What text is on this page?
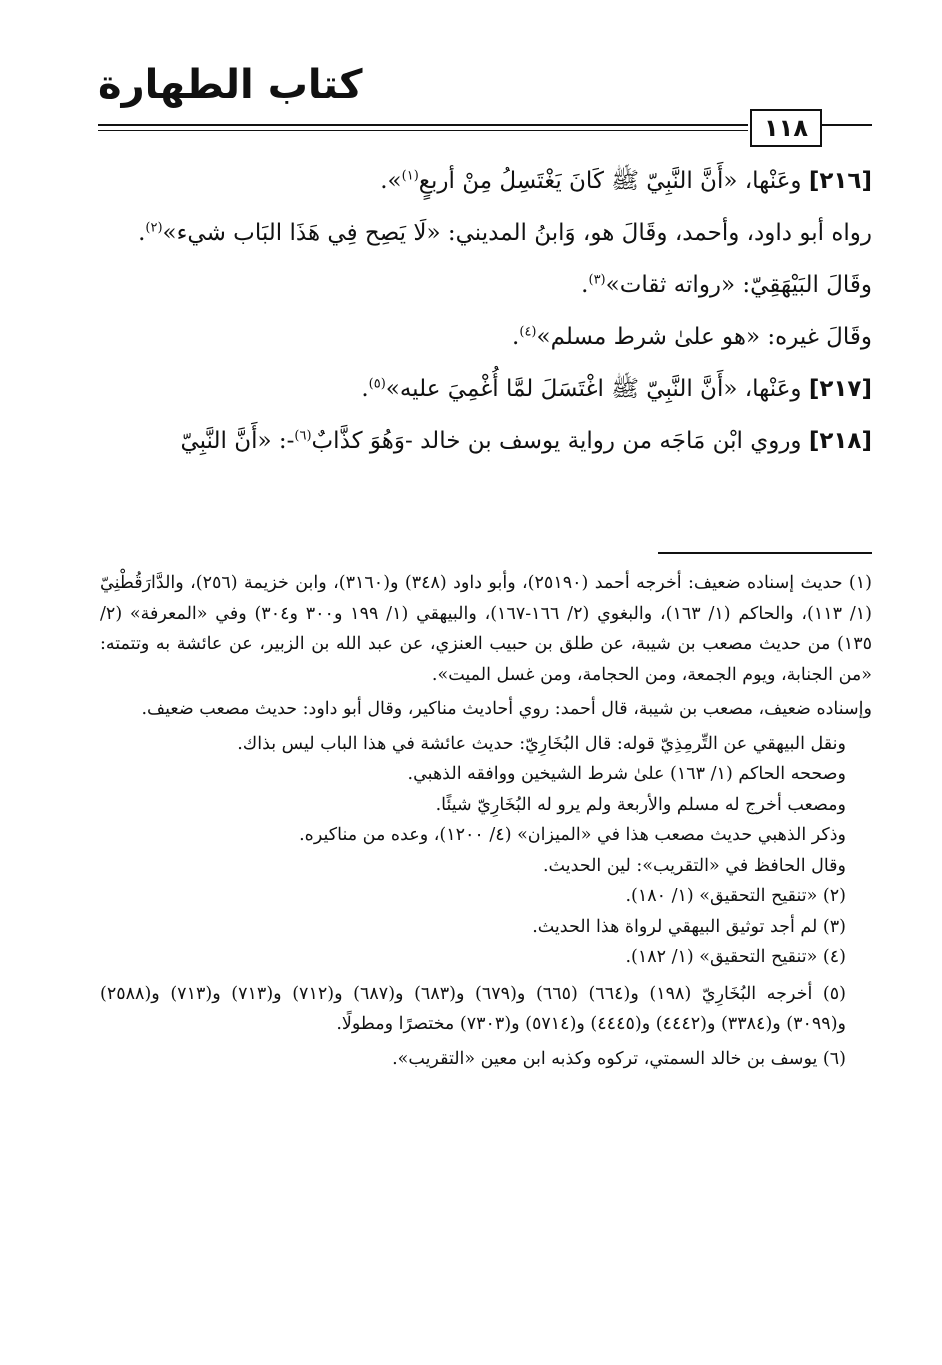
كتاب الطهارة
١١٨

[٢١٦] وعَنْها، «أَنَّ النَّبِيّ ﷺ كَانَ يَغْتَسِلُ مِنْ أربعٍ$^{(١)}$».

رواه أبو داود، وأحمد، وقَالَ هو، وَابنُ المديني: «لَا يَصِح فِي هَذَا البَاب شيء»$^{(٢)}$.

وقَالَ البَيْهَقِيّ: «رواته ثقات»$^{(٣)}$.

وقَالَ غيره: «هو علىٰ شرط مسلم»$^{(٤)}$.

[٢١٧] وعَنْها، «أَنَّ النَّبِيّ ﷺ اغْتَسَلَ لمَّا أُغْمِيَ عليه»$^{(٥)}$.

[٢١٨] وروي ابْن مَاجَه من رواية يوسف بن خالد -وَهُوَ كذَّابٌ$^{(٦)}$-: «أَنَّ النَّبِيّ

(١) حديث إسناده ضعيف: أخرجه أحمد (٢٥١٩٠)، وأبو داود (٣٤٨) و(٣١٦٠)، وابن خزيمة (٢٥٦)، والدَّارَقُطْنِيّ (١/ ١١٣)، والحاكم (١/ ١٦٣)، والبغوي (٢/ ١٦٦-١٦٧)، والبيهقي (١/ ١٩٩ و٣٠٠ و٣٠٤) وفي «المعرفة» (٢/ ١٣٥) من حديث مصعب بن شيبة، عن طلق بن حبيب العنزي، عن عبد الله بن الزبير، عن عائشة به وتتمته: «من الجنابة، ويوم الجمعة، ومن الحجامة، ومن غسل الميت».

وإسناده ضعيف، مصعب بن شيبة، قال أحمد: روي أحاديث مناكير، وقال أبو داود: حديث مصعب ضعيف.

ونقل البيهقي عن التِّرمِذِيّ قوله: قال البُخَارِيّ: حديث عائشة في هذا الباب ليس بذاك.

وصححه الحاكم (١/ ١٦٣) علىٰ شرط الشيخين ووافقه الذهبي.

ومصعب أخرج له مسلم والأربعة ولم يرو له البُخَارِيّ شيئًا.

وذكر الذهبي حديث مصعب هذا في «الميزان» (٤/ ١٢٠٠)، وعده من مناكيره.

وقال الحافظ في «التقريب»: لين الحديث.

(٢) «تنقيح التحقيق» (١/ ١٨٠).

(٣) لم أجد توثيق البيهقي لرواة هذا الحديث.

(٤) «تنقيح التحقيق» (١/ ١٨٢).

(٥) أخرجه البُخَارِيّ (١٩٨) و(٦٦٤) (٦٦٥) و(٦٧٩) و(٦٨٣) و(٦٨٧) و(٧١٢) و(٧١٣) و(٧١٣) و(٢٥٨٨) و(٣٠٩٩) و(٣٣٨٤) و(٤٤٤٢) و(٤٤٤٥) و(٥٧١٤) و(٧٣٠٣) مختصرًا ومطولًا.

(٦) يوسف بن خالد السمتي، تركوه وكذبه ابن معين «التقريب».
